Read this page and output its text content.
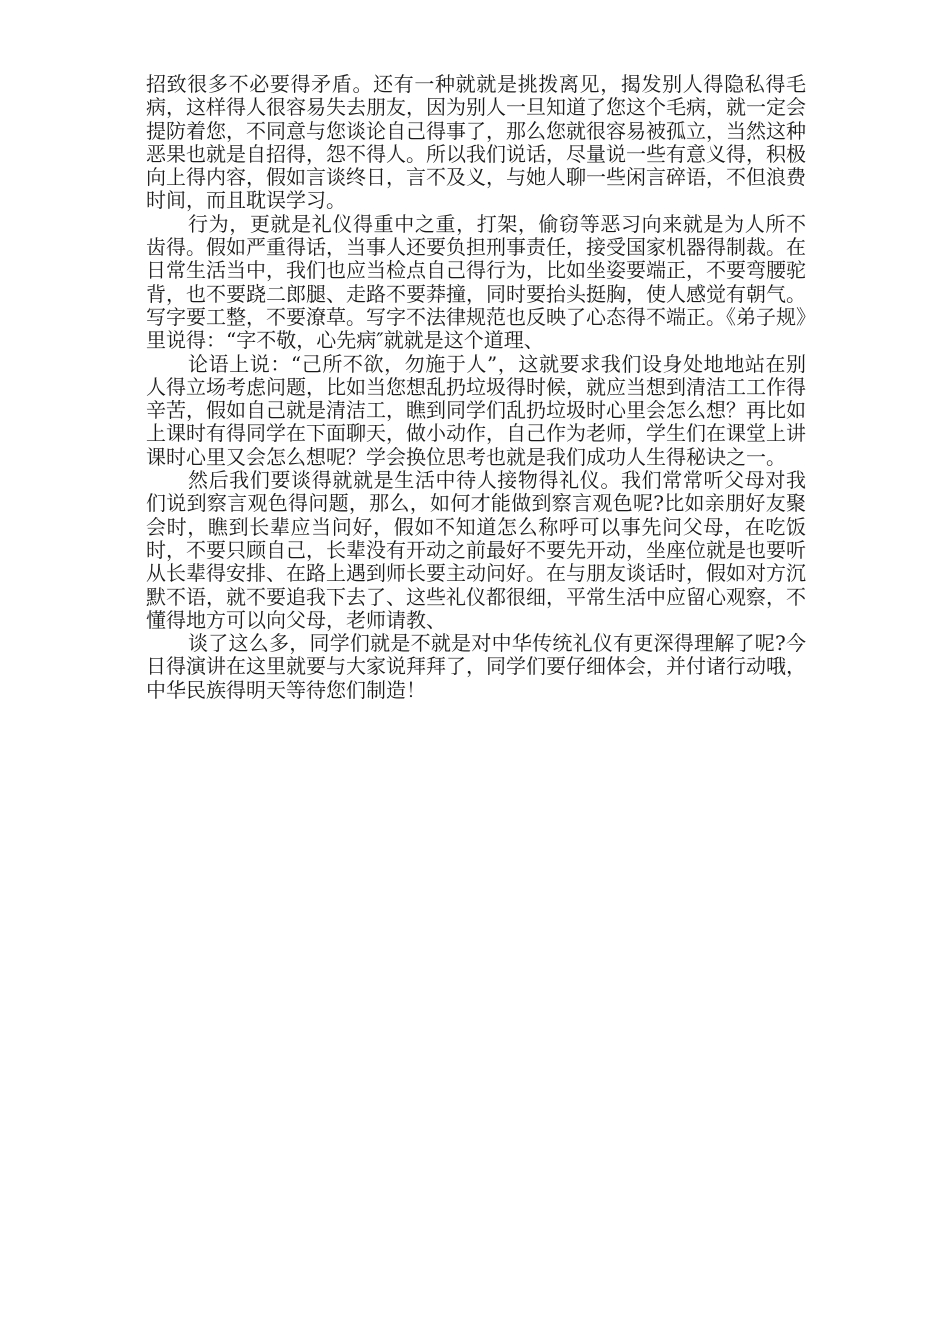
招致很多不必要得矛盾。还有一种就就是挑拨离见，揭发别人得隐私得毛病，这样得人很容易失去朋友，因为别人一旦知道了您这个毛病，就一定会提防着您，不同意与您谈论自己得事了，那么您就很容易被孤立，当然这种恶果也就是自招得，怨不得人。所以我们说话，尽量说一些有意义得，积极向上得内容，假如言谈终日，言不及义，与她人聊一些闲言碎语，不但浪费时间，而且耽误学习。

行为，更就是礼仪得重中之重，打架，偷窃等恶习向来就是为人所不齿得。假如严重得话，当事人还要负担刑事责任，接受国家机器得制裁。在日常生活当中，我们也应当检点自己得行为，比如坐姿要端正，不要弯腰驼背，也不要跷二郎腿、走路不要莽撞，同时要抬头挺胸，使人感觉有朝气。写字要工整，不要潦草。写字不法律规范也反映了心态得不端正。《弟子规》里说得：“字不敬，心先病″就就是这个道理、

论语上说：“己所不欲，勿施于人”，这就要求我们设身处地地站在别人得立场考虑问题，比如当您想乱扔垃圾得时候，就应当想到清洁工工作得辛苦，假如自己就是清洁工，瞧到同学们乱扔垃圾时心里会怎么想？再比如上课时有得同学在下面聊天，做小动作，自己作为老师，学生们在课堂上讲课时心里又会怎么想呢？学会换位思考也就是我们成功人生得秘诀之一。

然后我们要谈得就就是生活中待人接物得礼仪。我们常常听父母对我们说到察言观色得问题，那么，如何才能做到察言观色呢?比如亲朋好友聚会时，瞧到长辈应当问好，假如不知道怎么称呼可以事先问父母，在吃饭时，不要只顾自己，长辈没有开动之前最好不要先开动，坐座位就是也要听从长辈得安排、在路上遇到师长要主动问好。在与朋友谈话时，假如对方沉默不语，就不要追我下去了、这些礼仪都很细，平常生活中应留心观察，不懂得地方可以向父母，老师请教、

谈了这么多，同学们就是不就是对中华传统礼仪有更深得理解了呢?今日得演讲在这里就要与大家说拜拜了，同学们要仔细体会，并付诸行动哦，中华民族得明天等待您们制造！
